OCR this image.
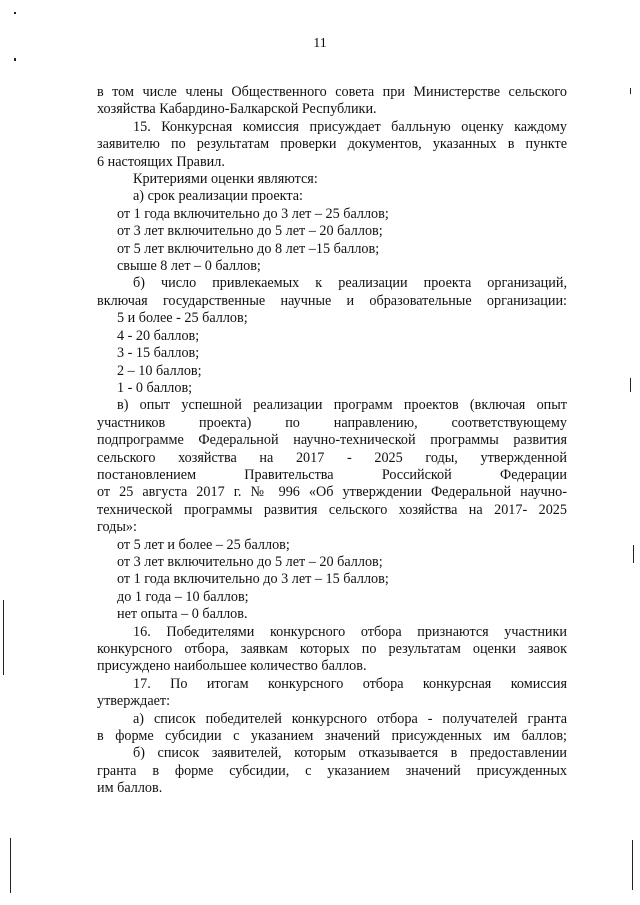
11

в том числе члены Общественного совета при Министерстве сельского

хозяйства Кабардино-Балкарской Республики.

15. Конкурсная комиссия присуждает балльную оценку каждому

заявителю по результатам проверки документов, указанных в пункте

6 настоящих Правил.

Критериями оценки являются:

а) срок реализации проекта:

от 1 года включительно до 3 лет – 25 баллов;

от 3 лет включительно до 5 лет – 20 баллов;

от 5 лет включительно до 8 лет –15 баллов;

свыше 8 лет – 0 баллов;

б) число привлекаемых к реализации проекта организаций,

включая государственные научные и образовательные организации:

5 и более - 25 баллов;

4 - 20 баллов;

3 - 15 баллов;

2 – 10 баллов;

1 - 0 баллов;

в) опыт успешной реализации программ проектов (включая опыт

участников проекта) по направлению, соответствующему

подпрограмме Федеральной научно-технической программы развития

сельского хозяйства на 2017 - 2025 годы, утвержденной

постановлением Правительства Российской Федерации

от 25 августа 2017 г. № 996 «Об утверждении Федеральной научно-

технической программы развития сельского хозяйства на 2017- 2025

годы»:

от 5 лет и более – 25 баллов;

от 3 лет включительно до 5 лет – 20 баллов;

от 1 года включительно до 3 лет – 15 баллов;

до 1 года – 10 баллов;

нет опыта – 0 баллов.

16. Победителями конкурсного отбора признаются участники

конкурсного отбора, заявкам которых по результатам оценки заявок

присуждено наибольшее количество баллов.

17. По итогам конкурсного отбора конкурсная комиссия

утверждает:

а) список победителей конкурсного отбора - получателей гранта

в форме субсидии с указанием значений присужденных им баллов;

б) список заявителей, которым отказывается в предоставлении

гранта в форме субсидии, с указанием значений присужденных

им баллов.
